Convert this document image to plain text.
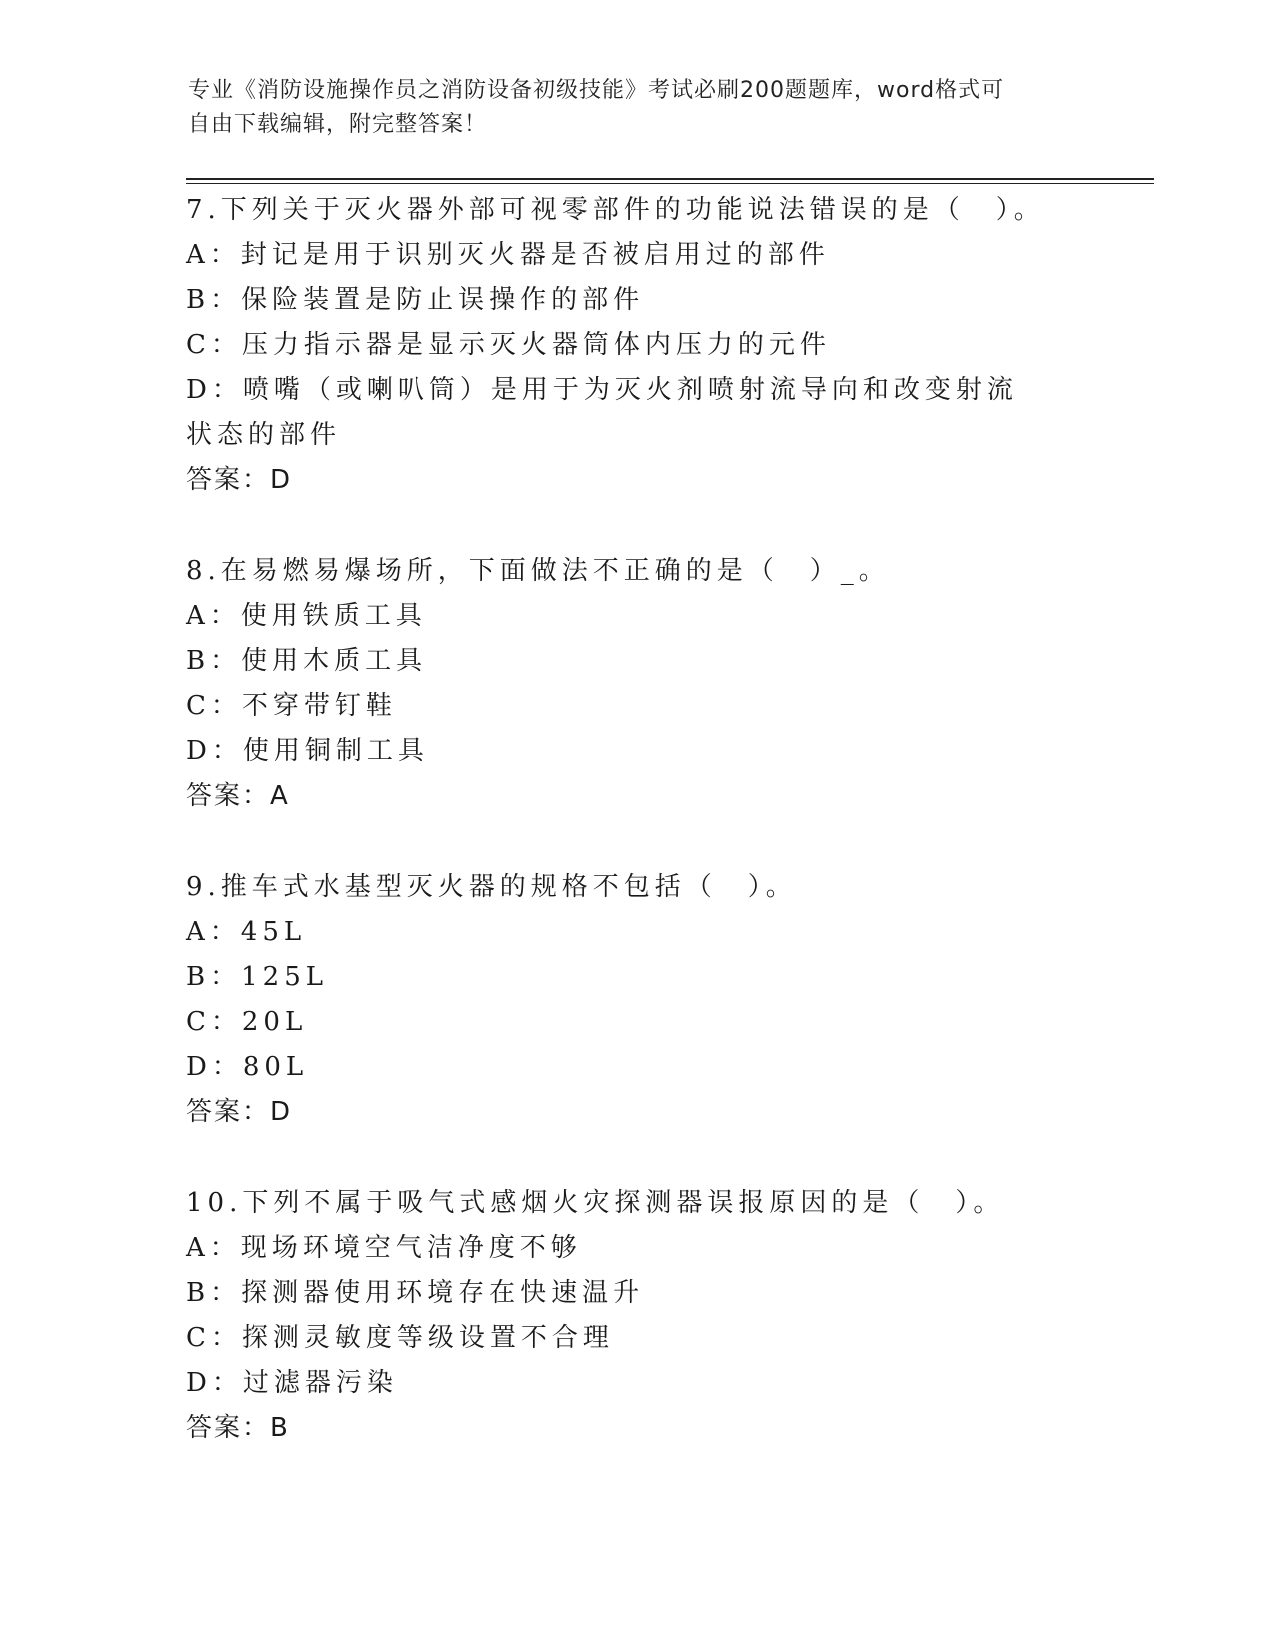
专业《消防设施操作员之消防设备初级技能》考试必刷200题题库，word格式可
自由下载编辑，附完整答案！
7.下列关于灭火器外部可视零部件的功能说法错误的是（　）。
A：封记是用于识别灭火器是否被启用过的部件
B：保险装置是防止误操作的部件
C：压力指示器是显示灭火器筒体内压力的元件
D：喷嘴（或喇叭筒）是用于为灭火剂喷射流导向和改变射流状态的部件
答案：D
8.在易燃易爆场所，下面做法不正确的是（　）_。
A：使用铁质工具
B：使用木质工具
C：不穿带钉鞋
D：使用铜制工具
答案：A
9.推车式水基型灭火器的规格不包括（　）。
A：45L
B：125L
C：20L
D：80L
答案：D
10.下列不属于吸气式感烟火灾探测器误报原因的是（　）。
A：现场环境空气洁净度不够
B：探测器使用环境存在快速温升
C：探测灵敏度等级设置不合理
D：过滤器污染
答案：B
